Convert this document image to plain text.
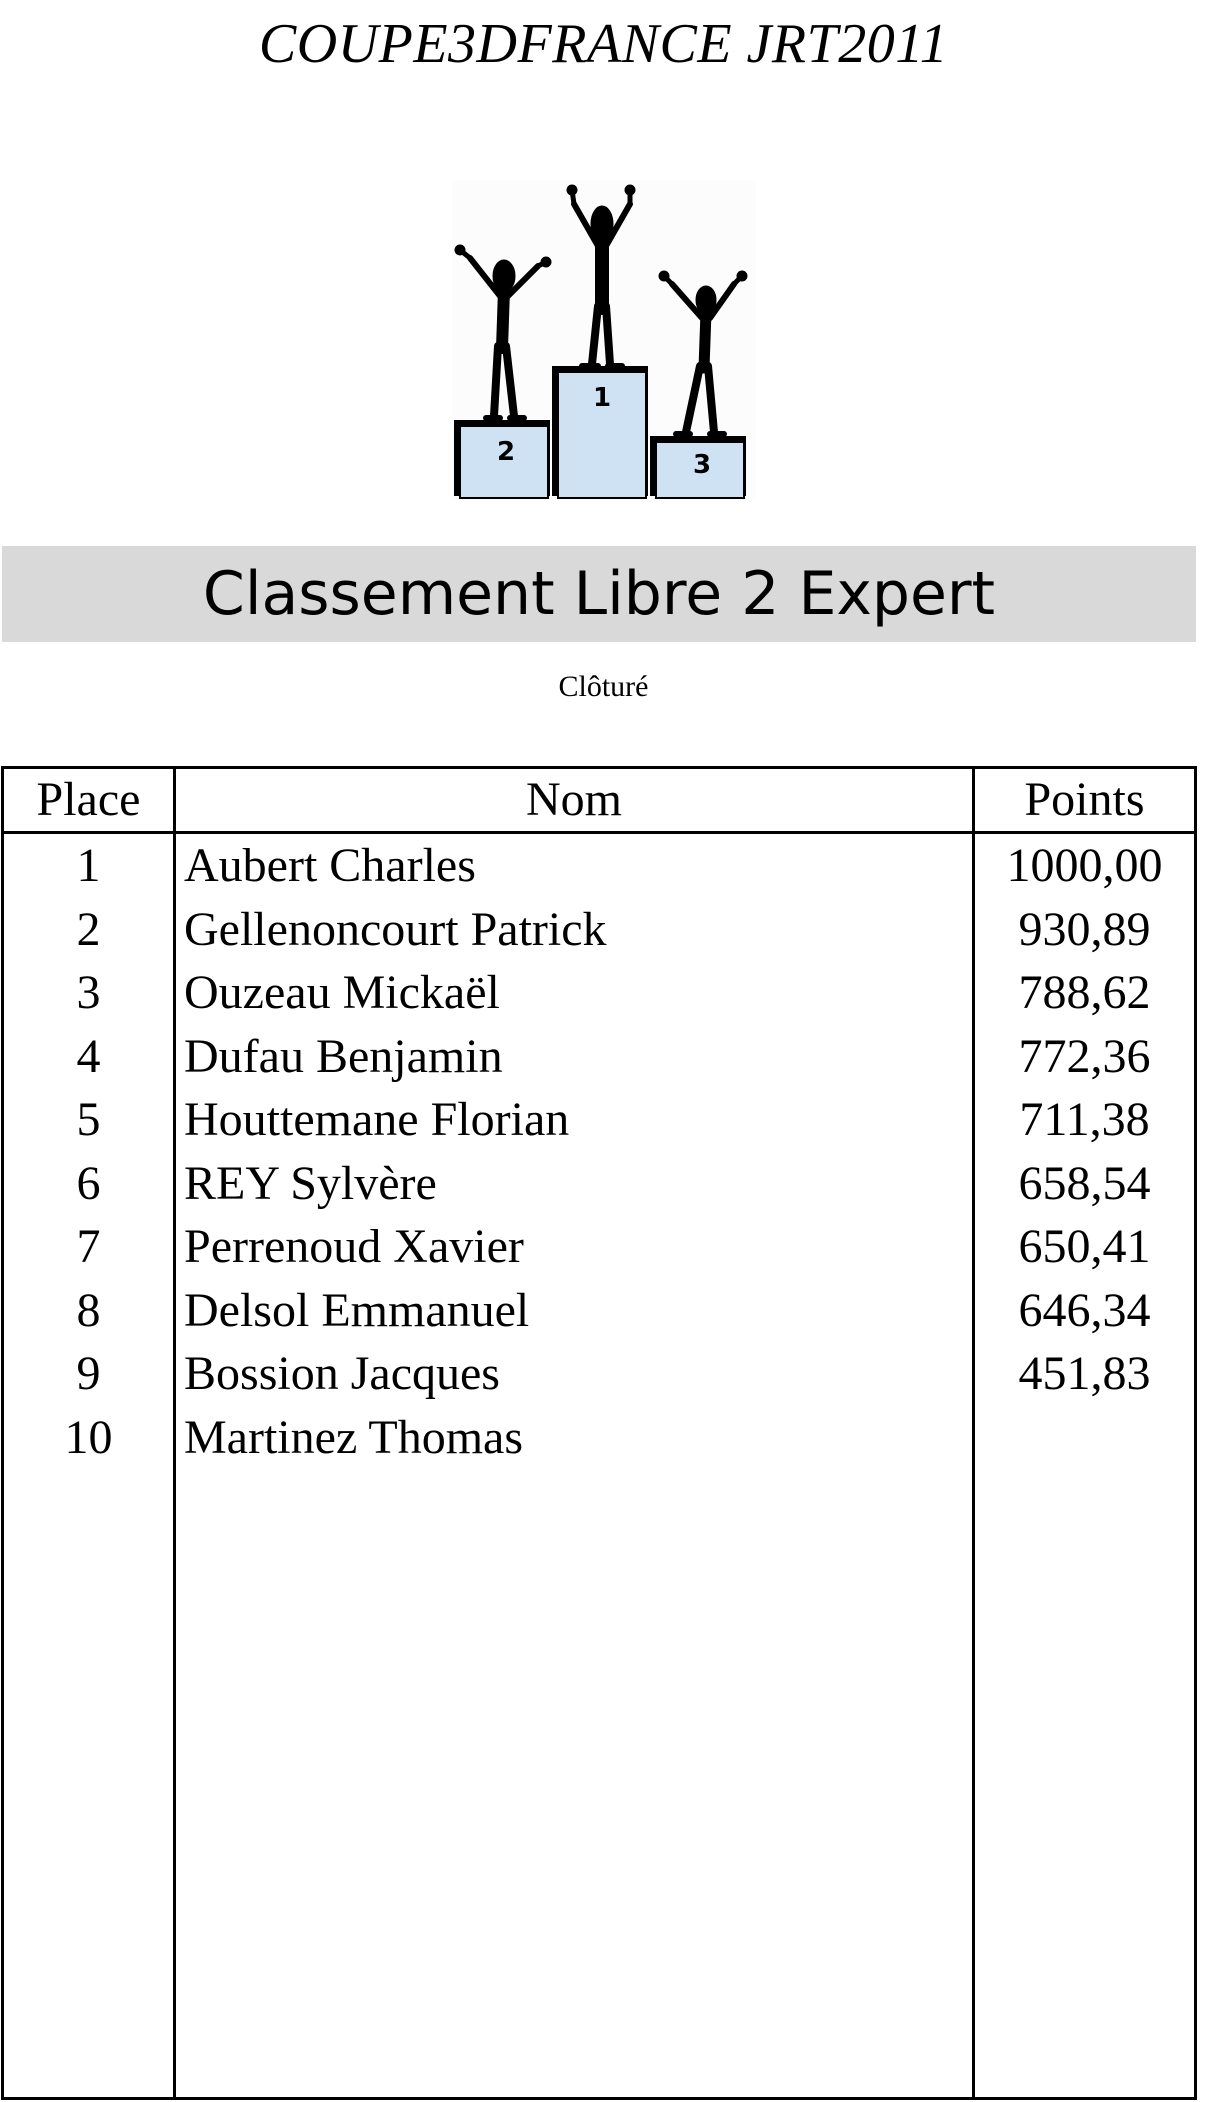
COUPE3DFRANCE JRT2011
1
2	3
Classement Libre 2 Expert
Clôturé
Place	Nom	Points
1	Aubert Charles	1000,00
2	Gellenoncourt Patrick	930,89
3	Ouzeau Mickaël	788,62
4	Dufau Benjamin	772,36
5	Houttemane Florian	711,38
6	REY Sylvère	658,54
7	Perrenoud Xavier	650,41
8	Delsol Emmanuel	646,34
9	Bossion Jacques	451,83
10	Martinez Thomas
